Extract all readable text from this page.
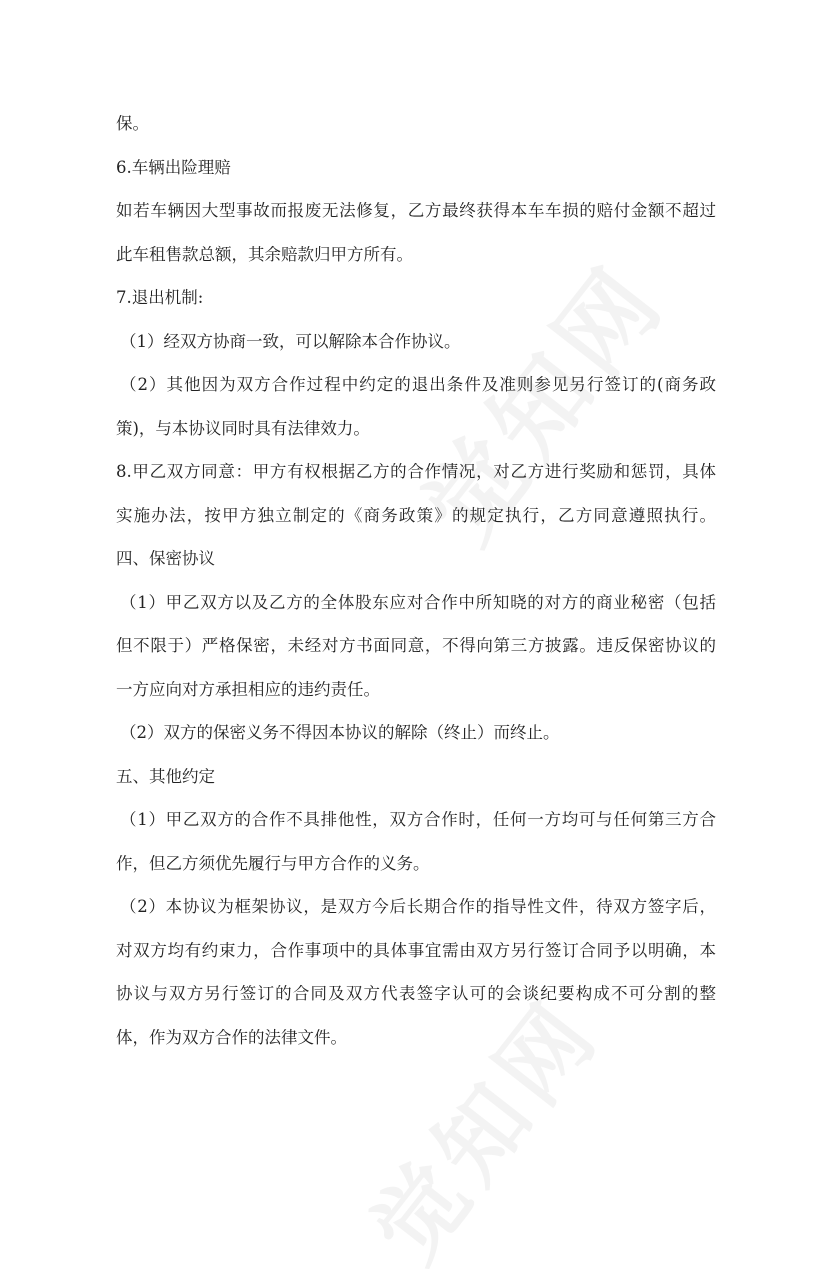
保。
6.车辆出险理赔
如若车辆因大型事故而报废无法修复，乙方最终获得本车车损的赔付金额不超过
此车租售款总额，其余赔款归甲方所有。
7.退出机制:
（1）经双方协商一致，可以解除本合作协议。
（2）其他因为双方合作过程中约定的退出条件及准则参见另行签订的(商务政
策)，与本协议同时具有法律效力。
8.甲乙双方同意：甲方有权根据乙方的合作情况，对乙方进行奖励和惩罚，具体
实施办法，按甲方独立制定的《商务政策》的规定执行，乙方同意遵照执行。
四、保密协议
（1）甲乙双方以及乙方的全体股东应对合作中所知晓的对方的商业秘密（包括
但不限于）严格保密，未经对方书面同意，不得向第三方披露。违反保密协议的
一方应向对方承担相应的违约责任。
（2）双方的保密义务不得因本协议的解除（终止）而终止。
五、其他约定
（1）甲乙双方的合作不具排他性，双方合作时，任何一方均可与任何第三方合
作，但乙方须优先履行与甲方合作的义务。
（2）本协议为框架协议，是双方今后长期合作的指导性文件，待双方签字后，
对双方均有约束力，合作事项中的具体事宜需由双方另行签订合同予以明确，本
协议与双方另行签订的合同及双方代表签字认可的会谈纪要构成不可分割的整
体，作为双方合作的法律文件。
